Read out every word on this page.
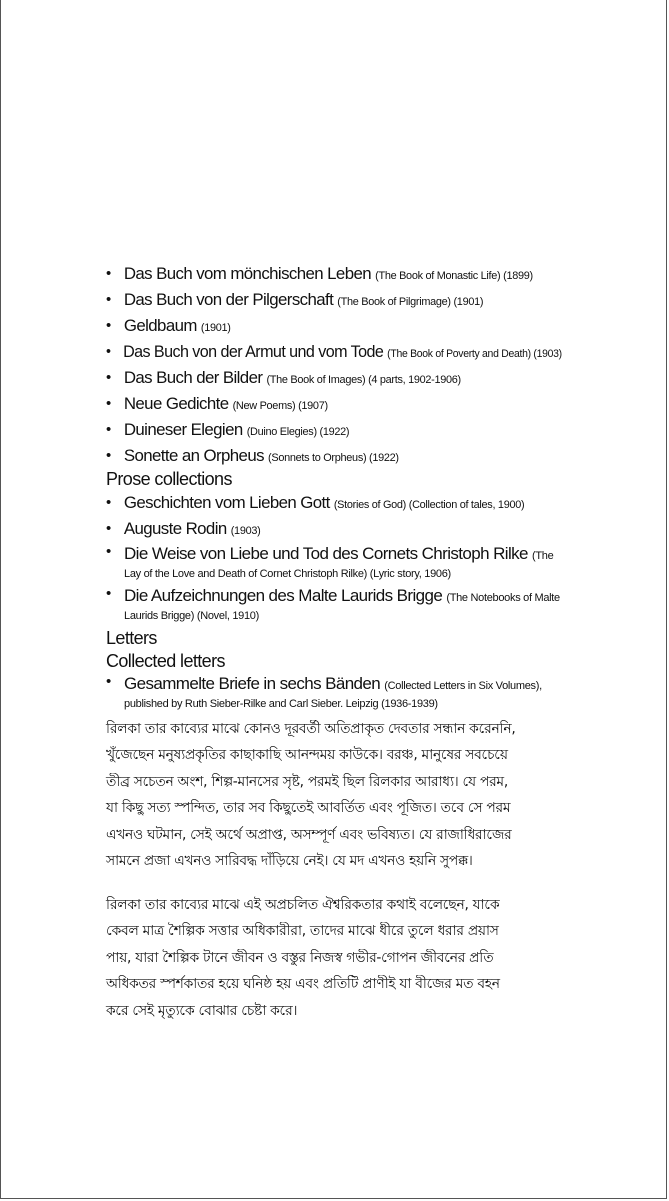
• Das Buch vom mönchischen Leben (The Book of Monastic Life) (1899)
• Das Buch von der Pilgerschaft (The Book of Pilgrimage) (1901)
• Geldbaum (1901)
• Das Buch von der Armut und vom Tode (The Book of Poverty and Death) (1903)
• Das Buch der Bilder (The Book of Images) (4 parts, 1902-1906)
• Neue Gedichte (New Poems) (1907)
• Duineser Elegien (Duino Elegies) (1922)
• Sonette an Orpheus (Sonnets to Orpheus) (1922)
Prose collections
• Geschichten vom Lieben Gott (Stories of God) (Collection of tales, 1900)
• Auguste Rodin (1903)
• Die Weise von Liebe und Tod des Cornets Christoph Rilke (The Lay of the Love and Death of Cornet Christoph Rilke) (Lyric story, 1906)
• Die Aufzeichnungen des Malte Laurids Brigge (The Notebooks of Malte Laurids Brigge) (Novel, 1910)
Letters
Collected letters
• Gesammelte Briefe in sechs Bänden (Collected Letters in Six Volumes), published by Ruth Sieber-Rilke and Carl Sieber. Leipzig (1936-1939)
রিলকা তার কাব্যের মাঝে কোনও দূরবর্তী অতিপ্রাকৃত দেবতার সন্ধান করেননি,
খুঁজেছেন মনুষ্যপ্রকৃতির কাছাকাছি আনন্দময় কাউকে। বরঞ্চ, মানুষের সবচেয়ে
তীব্র সচেতন অংশ, শিল্প-মানসের সৃষ্ট, পরমই ছিল রিলকার আরাধ্য। যে পরম,
যা কিছু সত্য স্পন্দিত, তার সব কিছুতেই আবর্তিত এবং পূজিত। তবে সে পরম
এখনও ঘটমান, সেই অর্থে অপ্রাপ্ত, অসম্পূর্ণ এবং ভবিষ্যত। যে রাজাধিরাজের
সামনে প্রজা এখনও সারিবদ্ধ দাঁড়িয়ে নেই। যে মদ এখনও হয়নি সুপক্ক।
রিলকা তার কাব্যের মাঝে এই অপ্রচলিত ঐশ্বরিকতার কথাই বলেছেন, যাকে
কেবল মাত্র শৈল্পিক সত্তার অধিকারীরা, তাদের মাঝে ধীরে তুলে ধরার প্রয়াস
পায়, যারা শৈল্পিক টানে জীবন ও বস্তুর নিজস্ব গভীর-গোপন জীবনের প্রতি
অধিকতর স্পর্শকাতর হয়ে ঘনিষ্ঠ হয় এবং প্রতিটি প্রাণীই যা বীজের মত বহন
করে সেই মৃত্যুকে বোঝার চেষ্টা করে।
